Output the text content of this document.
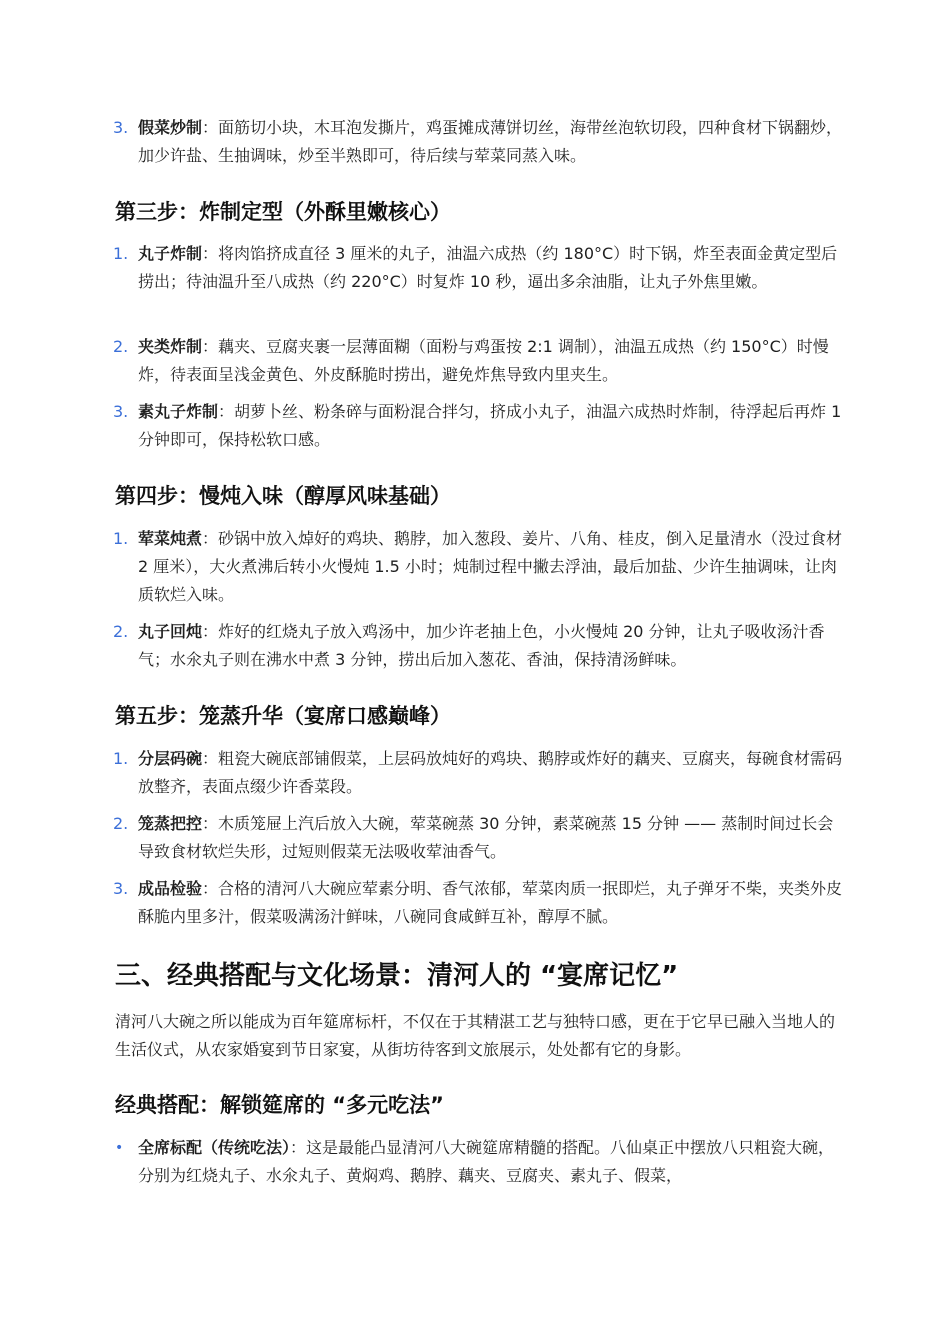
3. 假菜炒制：面筋切小块，木耳泡发撕片，鸡蛋摊成薄饼切丝，海带丝泡软切段，四种食材下锅翻炒，加少许盐、生抽调味，炒至半熟即可，待后续与荤菜同蒸入味。
第三步：炸制定型（外酥里嫩核心）
1. 丸子炸制：将肉馅挤成直径 3 厘米的丸子，油温六成热（约 180°C）时下锅，炸至表面金黄定型后捞出；待油温升至八成热（约 220°C）时复炸 10 秒，逼出多余油脂，让丸子外焦里嫩。
2. 夹类炸制：藕夹、豆腐夹裹一层薄面糊（面粉与鸡蛋按 2:1 调制），油温五成热（约 150°C）时慢炸，待表面呈浅金黄色、外皮酥脆时捞出，避免炸焦导致内里夹生。
3. 素丸子炸制：胡萝卜丝、粉条碎与面粉混合拌匀，挤成小丸子，油温六成热时炸制，待浮起后再炸 1 分钟即可，保持松软口感。
第四步：慢炖入味（醇厚风味基础）
1. 荤菜炖煮：砂锅中放入焯好的鸡块、鹅脖，加入葱段、姜片、八角、桂皮，倒入足量清水（没过食材 2 厘米），大火煮沸后转小火慢炖 1.5 小时；炖制过程中撇去浮油，最后加盐、少许生抽调味，让肉质软烂入味。
2. 丸子回炖：炸好的红烧丸子放入鸡汤中，加少许老抽上色，小火慢炖 20 分钟，让丸子吸收汤汁香气；水氽丸子则在沸水中煮 3 分钟，捞出后加入葱花、香油，保持清汤鲜味。
第五步：笼蒸升华（宴席口感巅峰）
1. 分层码碗：粗瓷大碗底部铺假菜，上层码放炖好的鸡块、鹅脖或炸好的藕夹、豆腐夹，每碗食材需码放整齐，表面点缀少许香菜段。
2. 笼蒸把控：木质笼屉上汽后放入大碗，荤菜碗蒸 30 分钟，素菜碗蒸 15 分钟 —— 蒸制时间过长会导致食材软烂失形，过短则假菜无法吸收荤油香气。
3. 成品检验：合格的清河八大碗应荤素分明、香气浓郁，荤菜肉质一抿即烂，丸子弹牙不柴，夹类外皮酥脆内里多汁，假菜吸满汤汁鲜味，八碗同食咸鲜互补，醇厚不腻。
三、经典搭配与文化场景：清河人的 “宴席记忆”
清河八大碗之所以能成为百年筵席标杆，不仅在于其精湛工艺与独特口感，更在于它早已融入当地人的生活仪式，从农家婚宴到节日家宴，从街坊待客到文旅展示，处处都有它的身影。
经典搭配：解锁筵席的 “多元吃法”
• 全席标配（传统吃法）：这是最能凸显清河八大碗筵席精髓的搭配。八仙桌正中摆放八只粗瓷大碗，分别为红烧丸子、水氽丸子、黄焖鸡、鹅脖、藕夹、豆腐夹、素丸子、假菜，
